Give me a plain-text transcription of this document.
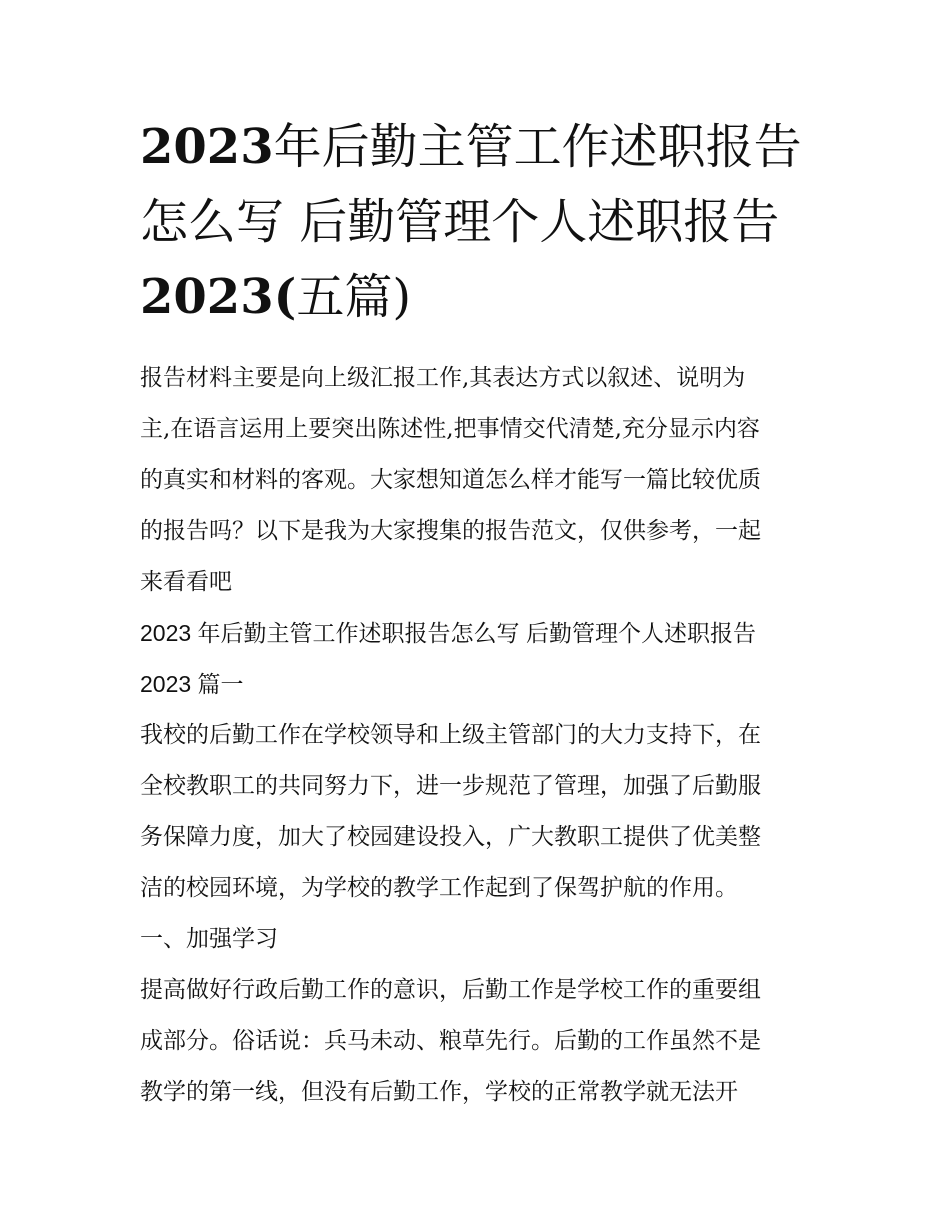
2023年后勤主管工作述职报告
怎么写 后勤管理个人述职报告
2023(五篇)
报告材料主要是向上级汇报工作,其表达方式以叙述、说明为
主,在语言运用上要突出陈述性,把事情交代清楚,充分显示内容
的真实和材料的客观。大家想知道怎么样才能写一篇比较优质
的报告吗？以下是我为大家搜集的报告范文，仅供参考，一起
来看看吧
2023 年后勤主管工作述职报告怎么写 后勤管理个人述职报告
2023 篇一
我校的后勤工作在学校领导和上级主管部门的大力支持下，在
全校教职工的共同努力下，进一步规范了管理，加强了后勤服
务保障力度，加大了校园建设投入，广大教职工提供了优美整
洁的校园环境，为学校的教学工作起到了保驾护航的作用。
一、加强学习
提高做好行政后勤工作的意识，后勤工作是学校工作的重要组
成部分。俗话说：兵马未动、粮草先行。后勤的工作虽然不是
教学的第一线，但没有后勤工作，学校的正常教学就无法开
